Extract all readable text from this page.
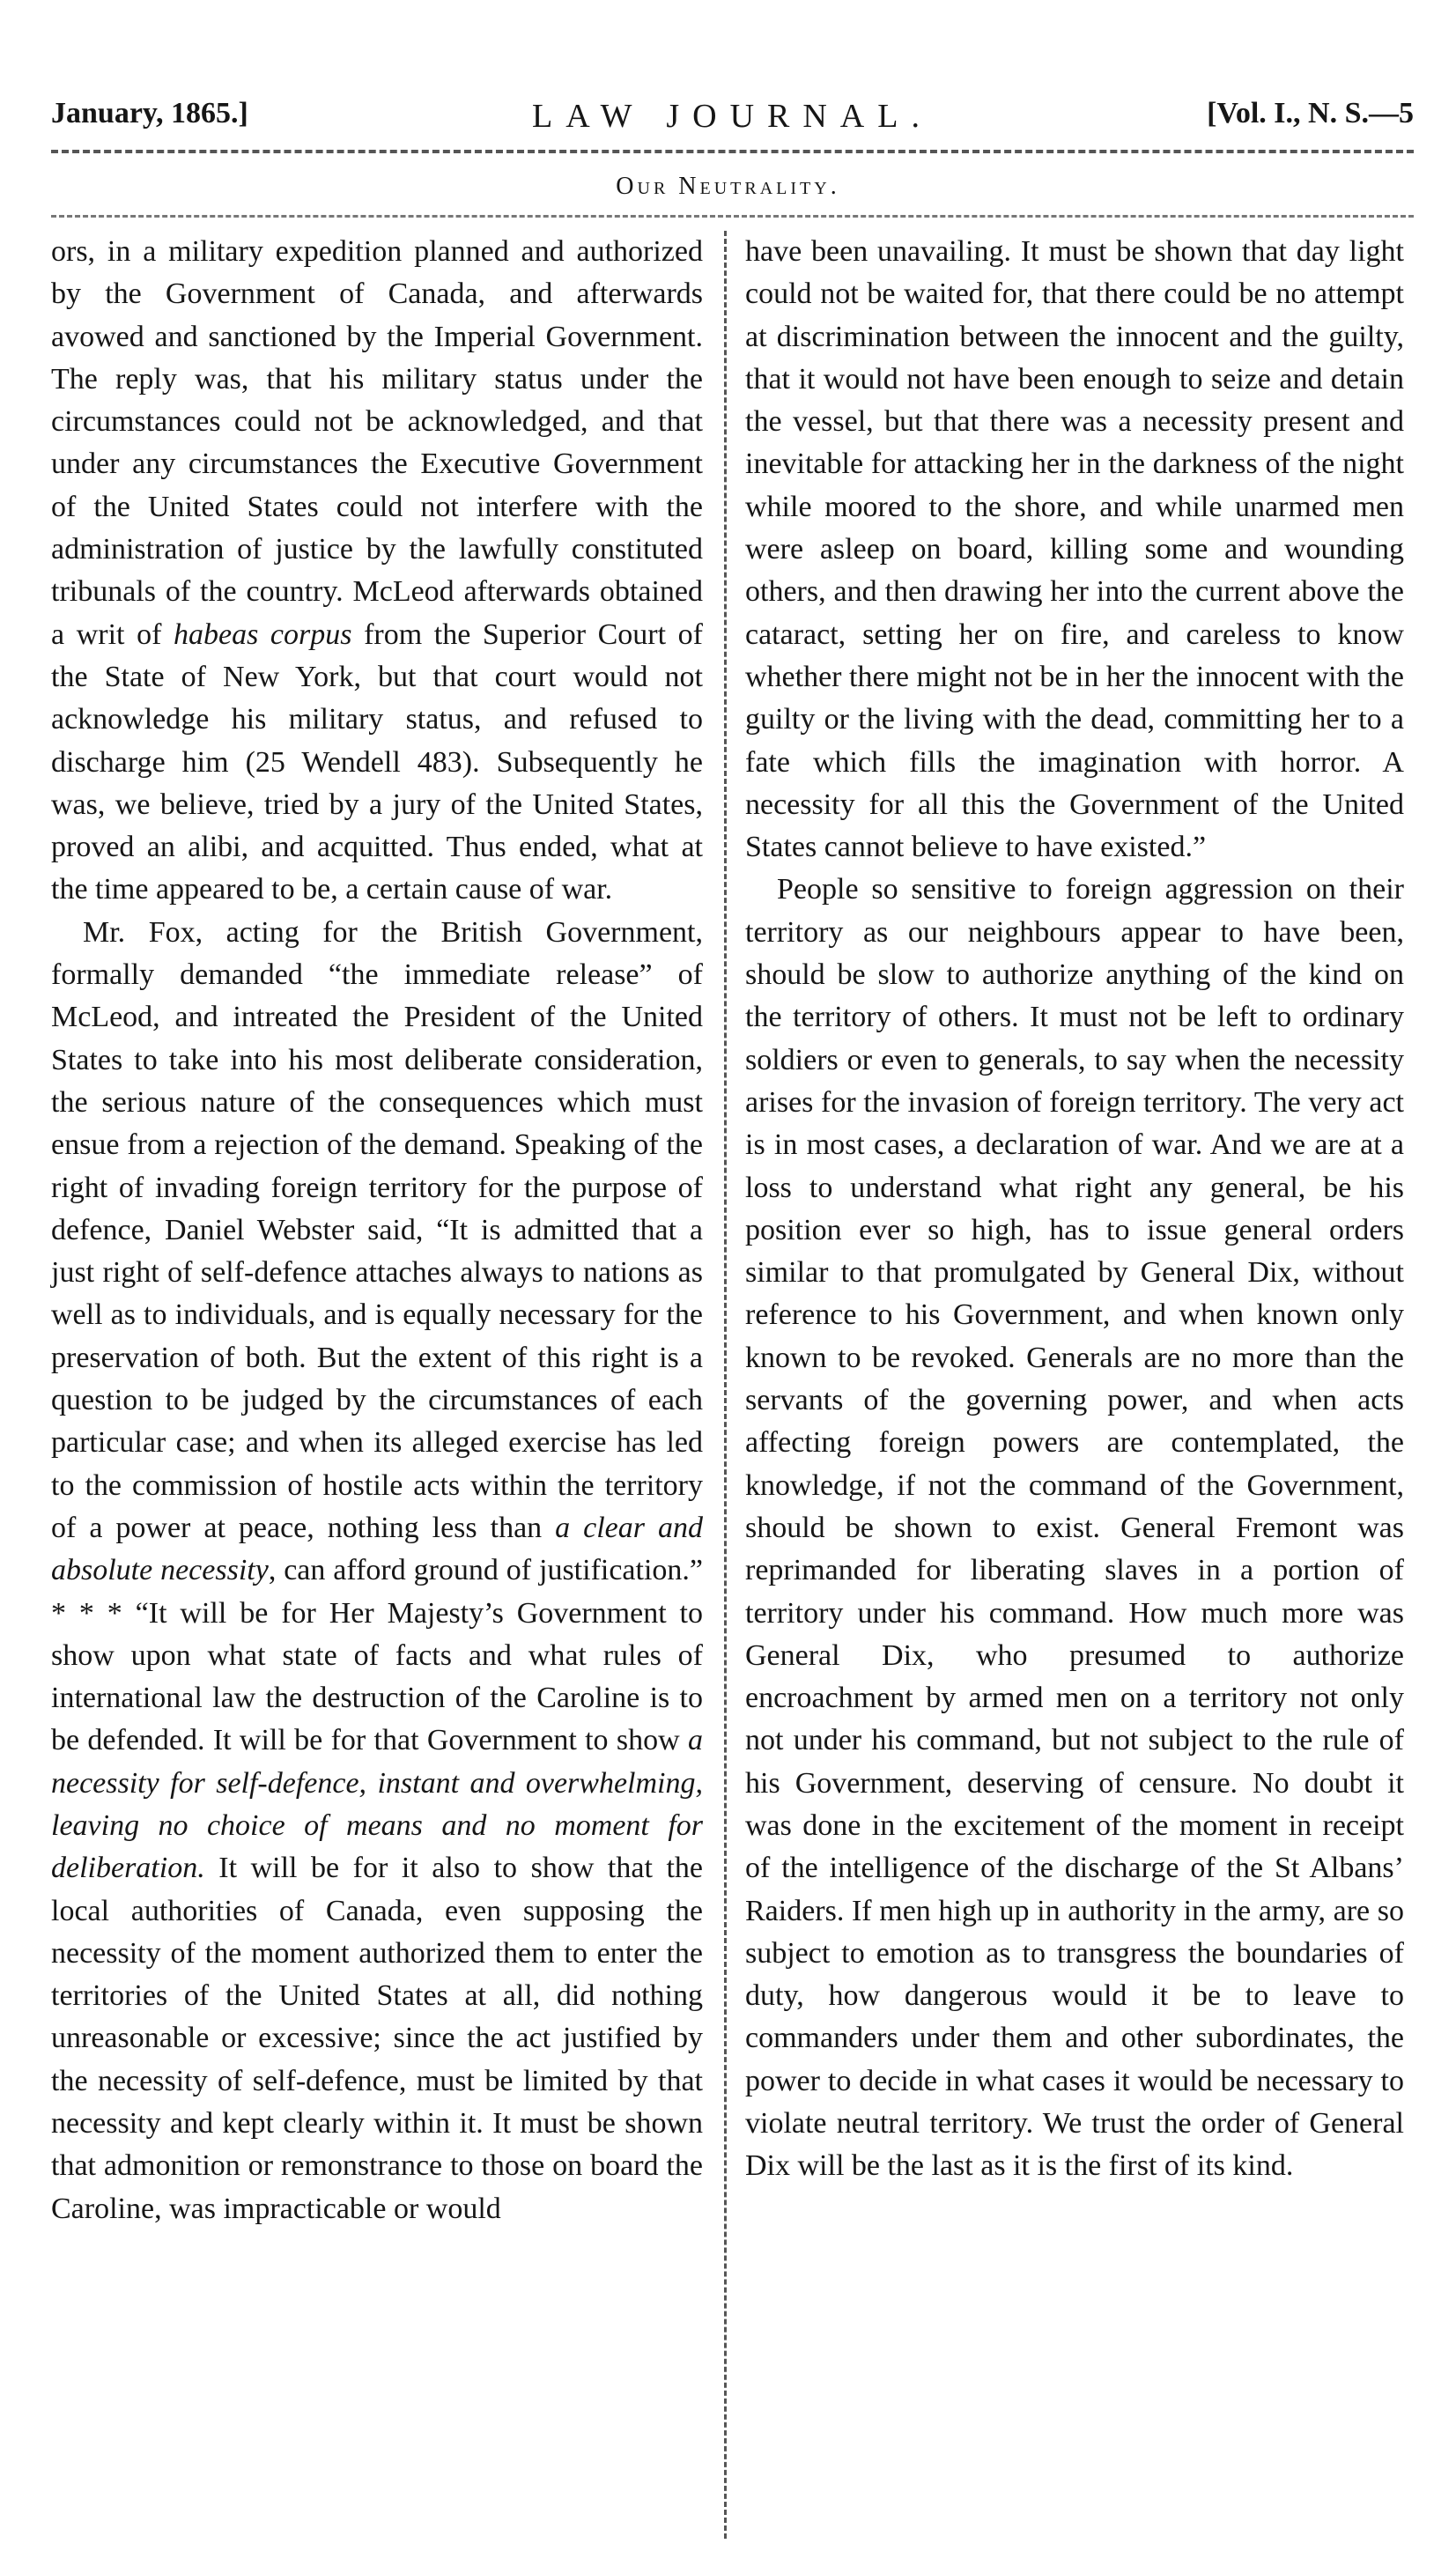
January, 1865.]	LAW JOURNAL.	[Vol. I., N. S.—5
Our Neutrality.

ors, in a military expedition planned and authorized by the Government of Canada, and afterwards avowed and sanctioned by the Imperial Government. The reply was, that his military status under the circumstances could not be acknowledged, and that under any circumstances the Executive Government of the United States could not interfere with the administration of justice by the lawfully constituted tribunals of the country. McLeod afterwards obtained a writ of habeas corpus from the Superior Court of the State of New York, but that court would not acknowledge his military status, and refused to discharge him (25 Wendell 483). Subsequently he was, we believe, tried by a jury of the United States, proved an alibi, and acquitted. Thus ended, what at the time appeared to be, a certain cause of war.

Mr. Fox, acting for the British Government, formally demanded “the immediate release” of McLeod, and intreated the President of the United States to take into his most deliberate consideration, the serious nature of the consequences which must ensue from a rejection of the demand. Speaking of the right of invading foreign territory for the purpose of defence, Daniel Webster said, “It is admitted that a just right of self-defence attaches always to nations as well as to individuals, and is equally necessary for the preservation of both. But the extent of this right is a question to be judged by the circumstances of each particular case; and when its alleged exercise has led to the commission of hostile acts within the territory of a power at peace, nothing less than a clear and absolute necessity, can afford ground of justification.” * * * “It will be for Her Majesty’s Government to show upon what state of facts and what rules of international law the destruction of the Caroline is to be defended. It will be for that Government to show a necessity for self-defence, instant and overwhelming, leaving no choice of means and no moment for deliberation. It will be for it also to show that the local authorities of Canada, even supposing the necessity of the moment authorized them to enter the territories of the United States at all, did nothing unreasonable or excessive; since the act justified by the necessity of self-defence, must be limited by that necessity and kept clearly within it. It must be shown that admonition or remonstrance to those on board the Caroline, was impracticable or would

have been unavailing. It must be shown that day light could not be waited for, that there could be no attempt at discrimination between the innocent and the guilty, that it would not have been enough to seize and detain the vessel, but that there was a necessity present and inevitable for attacking her in the darkness of the night while moored to the shore, and while unarmed men were asleep on board, killing some and wounding others, and then drawing her into the current above the cataract, setting her on fire, and careless to know whether there might not be in her the innocent with the guilty or the living with the dead, committing her to a fate which fills the imagination with horror. A necessity for all this the Government of the United States cannot believe to have existed.”

People so sensitive to foreign aggression on their territory as our neighbours appear to have been, should be slow to authorize anything of the kind on the territory of others. It must not be left to ordinary soldiers or even to generals, to say when the necessity arises for the invasion of foreign territory. The very act is in most cases, a declaration of war. And we are at a loss to understand what right any general, be his position ever so high, has to issue general orders similar to that promulgated by General Dix, without reference to his Government, and when known only known to be revoked. Generals are no more than the servants of the governing power, and when acts affecting foreign powers are contemplated, the knowledge, if not the command of the Government, should be shown to exist. General Fremont was reprimanded for liberating slaves in a portion of territory under his command. How much more was General Dix, who presumed to authorize encroachment by armed men on a territory not only not under his command, but not subject to the rule of his Government, deserving of censure. No doubt it was done in the excitement of the moment in receipt of the intelligence of the discharge of the St Albans’ Raiders. If men high up in authority in the army, are so subject to emotion as to transgress the boundaries of duty, how dangerous would it be to leave to commanders under them and other subordinates, the power to decide in what cases it would be necessary to violate neutral territory. We trust the order of General Dix will be the last as it is the first of its kind.
